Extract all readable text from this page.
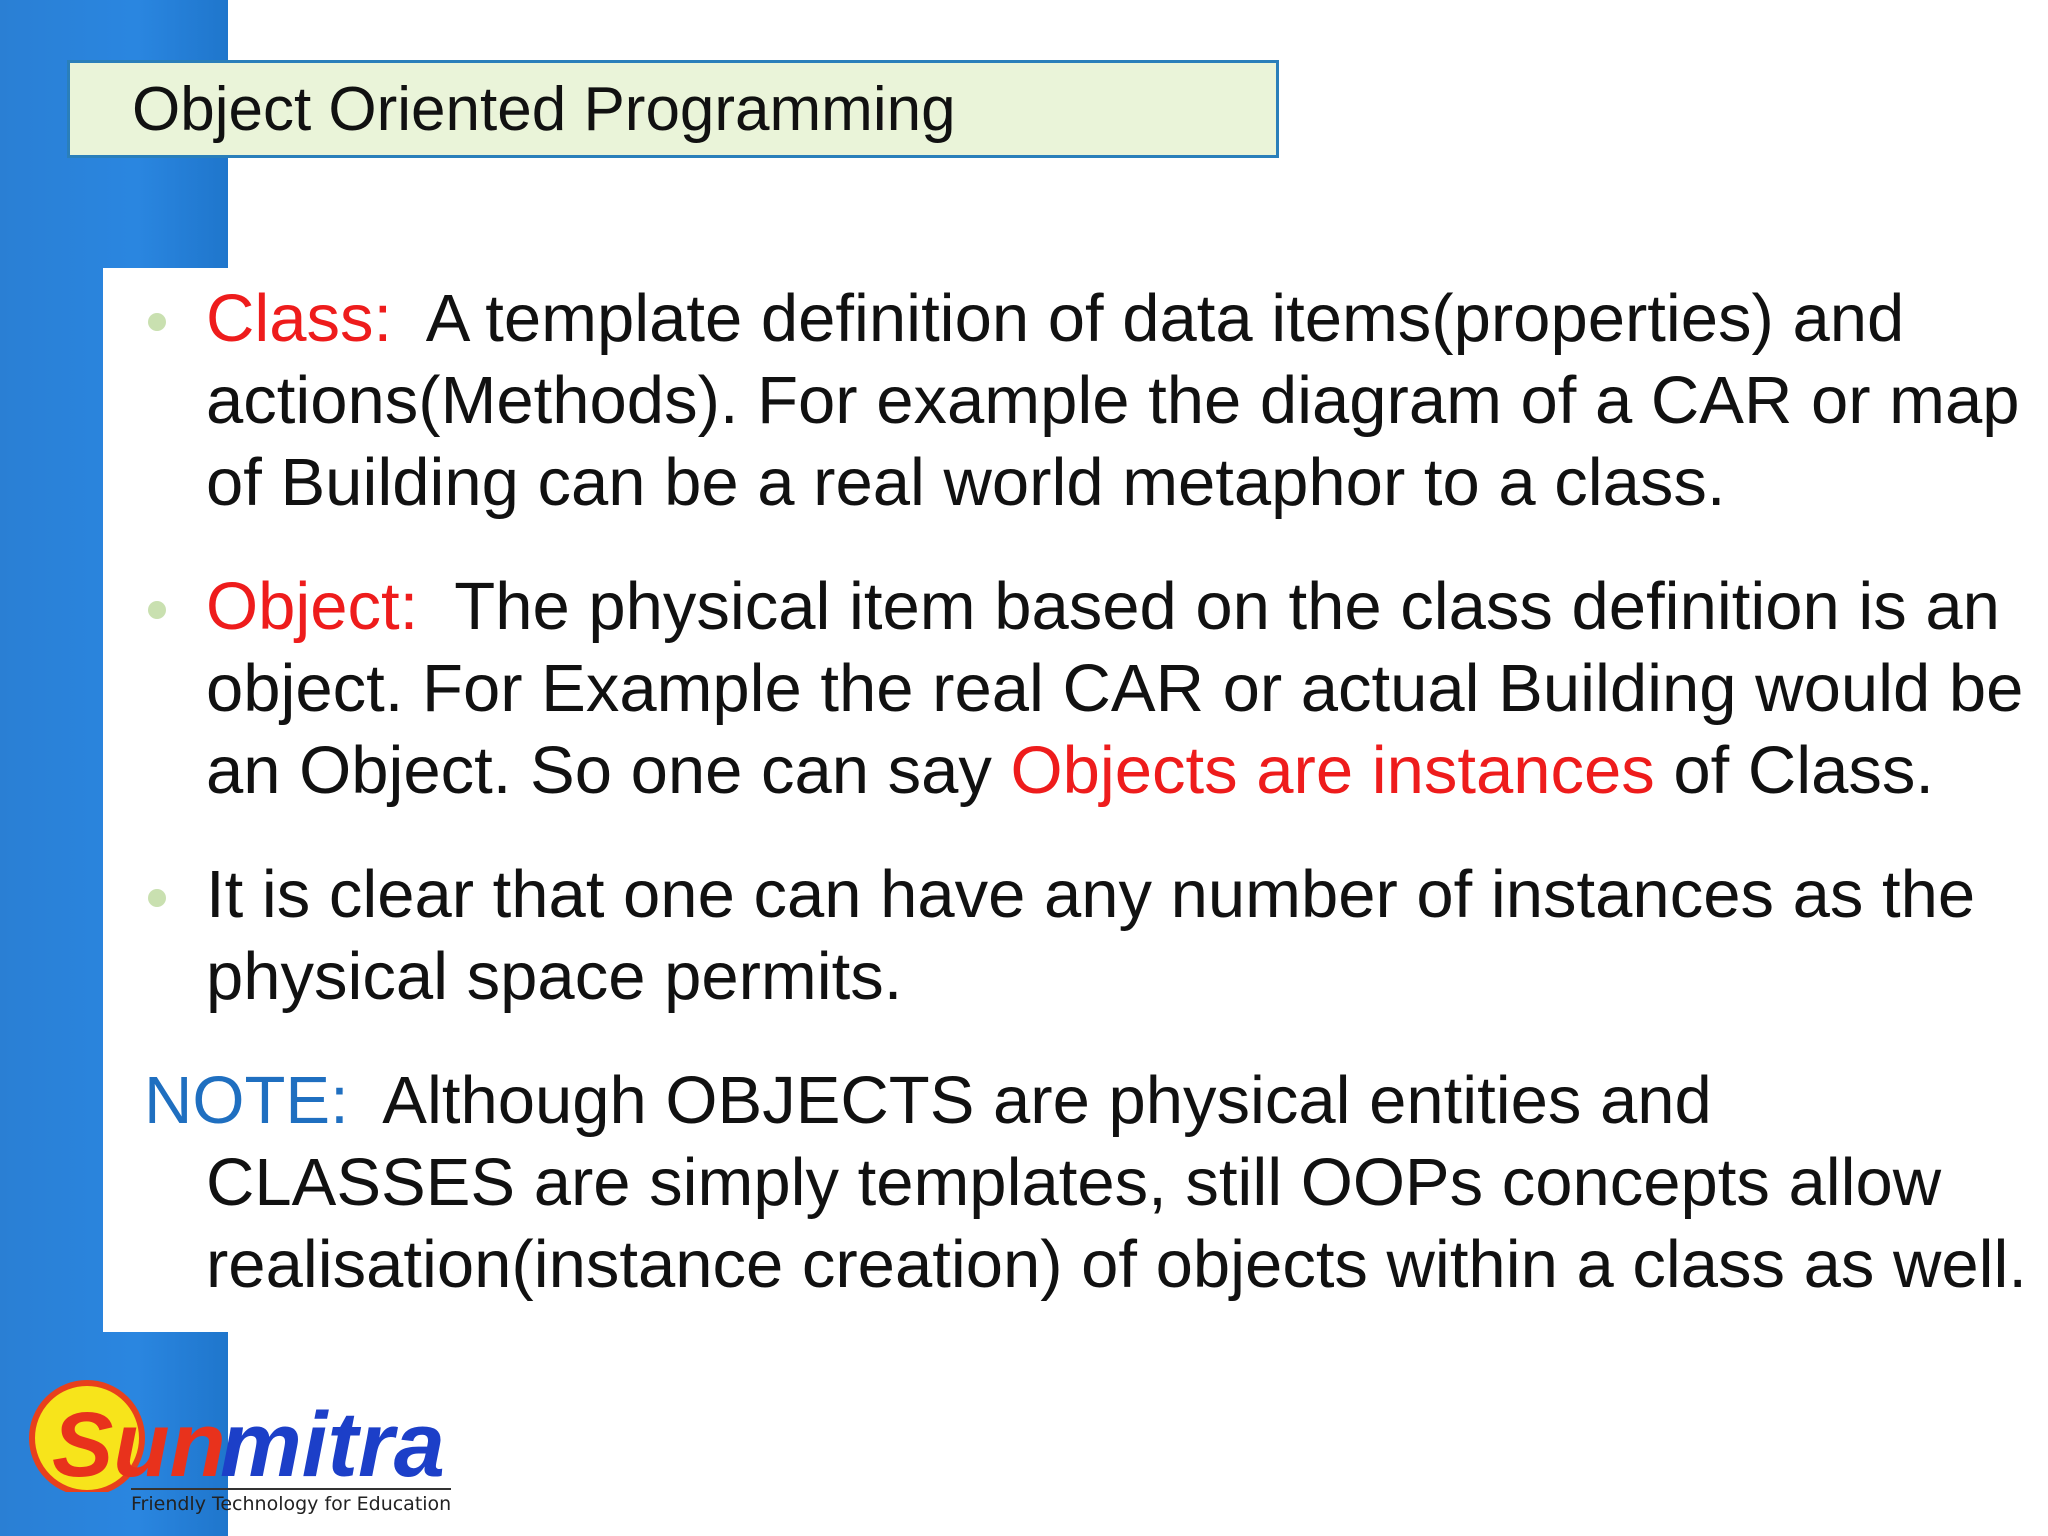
Object Oriented Programming
Class: A template definition of data items(properties) and actions(Methods). For example the diagram of a CAR or map of Building can be a real world metaphor to a class.
Object: The physical item based on the class definition is an object. For Example the real CAR or actual Building would be an Object. So one can say Objects are instances of Class.
It is clear that one can have any number of instances as the physical space permits.
NOTE: Although OBJECTS are physical entities and CLASSES are simply templates, still OOPs concepts allow realisation(instance creation) of objects within a class as well.
Sun
mitra
Friendly Technology for Education
